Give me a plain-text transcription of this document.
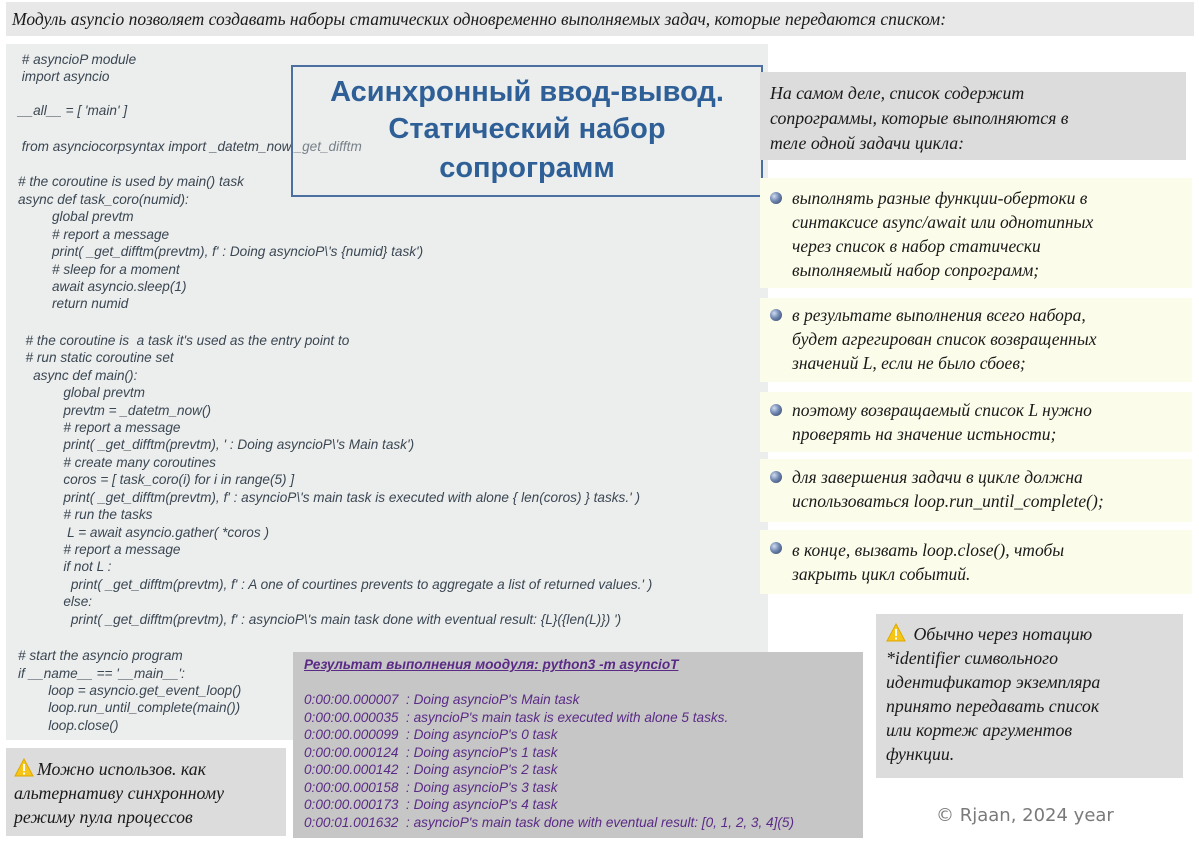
Модуль asyncio позволяет создавать наборы статических одновременно выполняемых задач, которые передаются списком:
# asyncioP module
import asyncio
__all__ = [ 'main' ]
from asynciocorpsyntax import _datetm_now,_get_difftm
# the coroutine is used by main() task
async def task_coro(numid):
global prevtm
# report a message
print( _get_difftm(prevtm), f' : Doing asyncioP\'s {numid} task')
# sleep for a moment
await asyncio.sleep(1)
return numid
# the coroutine is  a task it's used as the entry point to
# run static coroutine set
async def main():
global prevtm
prevtm = _datetm_now()
# report a message
print( _get_difftm(prevtm), ' : Doing asyncioP\'s Main task')
# create many coroutines
coros = [ task_coro(i) for i in range(5) ]
print( _get_difftm(prevtm), f' : asyncioP\'s main task is executed with alone { len(coros) } tasks.' )
# run the tasks
L = await asyncio.gather( *coros )
# report a message
if not L :
print( _get_difftm(prevtm), f' : A one of courtines prevents to aggregate a list of returned values.' )
else:
print( _get_difftm(prevtm), f' : asyncioP\'s main task done with eventual result: {L}({len(L)}) ')
# start the asyncio program
if __name__ == '__main__':
loop = asyncio.get_event_loop()
loop.run_until_complete(main())
loop.close()
Асинхронный ввод-вывод.
Статический набор
сопрограмм
На самом деле, список содержит
сопрограммы, которые выполняются в
теле одной задачи цикла:
выполнять разные функции-обертоки в
синтаксисе async/await или однотипных
через список в набор статически
выполняемый набор сопрограмм;
в результате выполнения всего набора,
будет агрегирован список возвращенных
значений L, если не было сбоев;
поэтому возвращаемый список L нужно
проверять на значение истьности;
для завершения задачи в цикле должна
использоваться loop.run_until_complete();
в конце, вызвать loop.close(), чтобы
закрыть цикл событий.
Результат выполнения моодуля: python3 -m asyncioT
0:00:00.000007  : Doing asyncioP's Main task
0:00:00.000035  : asyncioP's main task is executed with alone 5 tasks.
0:00:00.000099  : Doing asyncioP's 0 task
0:00:00.000124  : Doing asyncioP's 1 task
0:00:00.000142  : Doing asyncioP's 2 task
0:00:00.000158  : Doing asyncioP's 3 task
0:00:00.000173  : Doing asyncioP's 4 task
0:00:01.001632  : asyncioP's main task done with eventual result: [0, 1, 2, 3, 4](5)
Обычно через нотацию
*identifier символьного
идентификатор экземпляра
принято передавать список
или кортеж аргументов
функции.
Можно использов. как
альтернативу синхронному
режиму пула процессов	© Rjaan, 2024 year
